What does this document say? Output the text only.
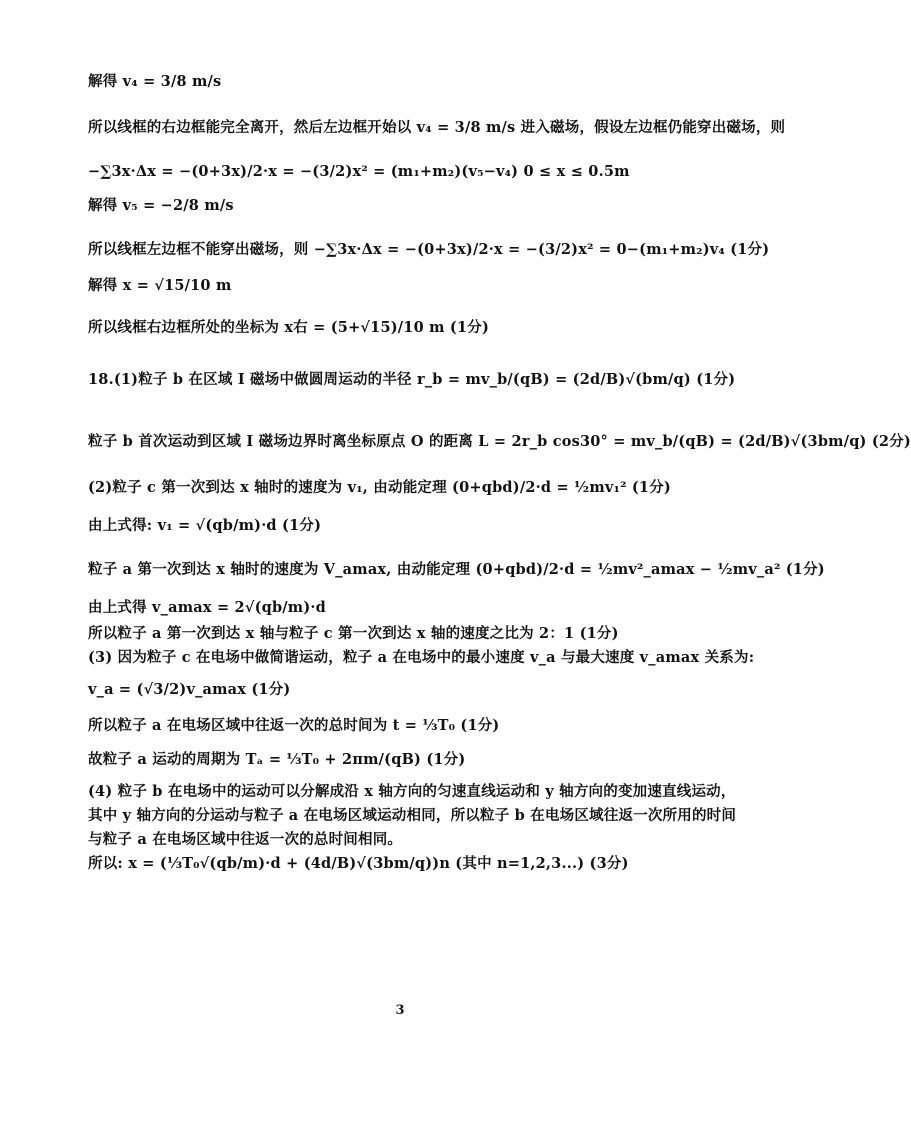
解得 v₄ = 3/8 m/s
所以线框的右边框能完全离开，然后左边框开始以 v₄ = 3/8 m/s 进入磁场，假设左边框仍能穿出磁场，则
−∑3x·Δx = −(0+3x)/2·x = −(3/2)x² = (m₁+m₂)(v₅−v₄) 0 ≤ x ≤ 0.5m
解得 v₅ = −2/8 m/s
所以线框左边框不能穿出磁场，则 −∑3x·Δx = −(0+3x)/2·x = −(3/2)x² = 0−(m₁+m₂)v₄ (1分)
解得 x = √15/10 m
所以线框右边框所处的坐标为 x右 = (5+√15)/10 m (1分)
18.(1)粒子 b 在区域 I 磁场中做圆周运动的半径 r_b = mv_b/(qB) = (2d/B)√(bm/q) (1分)
粒子 b 首次运动到区域 I 磁场边界时离坐标原点 O 的距离 L = 2r_b cos30° = mv_b/(qB) = (2d/B)√(3bm/q) (2分)
(2)粒子 c 第一次到达 x 轴时的速度为 v₁, 由动能定理 (0+qbd)/2·d = ½mv₁² (1分)
由上式得: v₁ = √(qb/m)·d (1分)
粒子 a 第一次到达 x 轴时的速度为 V_amax, 由动能定理 (0+qbd)/2·d = ½mv²_amax − ½mv_a² (1分)
由上式得 v_amax = 2√(qb/m)·d
所以粒子 a 第一次到达 x 轴与粒子 c 第一次到达 x 轴的速度之比为 2：1 (1分)
(3) 因为粒子 c 在电场中做简谐运动，粒子 a 在电场中的最小速度 v_a 与最大速度 v_amax 关系为:
v_a = (√3/2)v_amax (1分)
所以粒子 a 在电场区域中往返一次的总时间为 t = ⅓T₀ (1分)
故粒子 a 运动的周期为 Tₐ = ⅓T₀ + 2πm/(qB) (1分)
(4) 粒子 b 在电场中的运动可以分解成沿 x 轴方向的匀速直线运动和 y 轴方向的变加速直线运动，其中 y 轴方向的分运动与粒子 a 在电场区域运动相同，所以粒子 b 在电场区域往返一次所用的时间与粒子 a 在电场区域中往返一次的总时间相同。
所以: x = (⅓T₀√(qb/m)·d + (4d/B)√(3bm/q))n (其中 n=1,2,3...) (3分)
3
